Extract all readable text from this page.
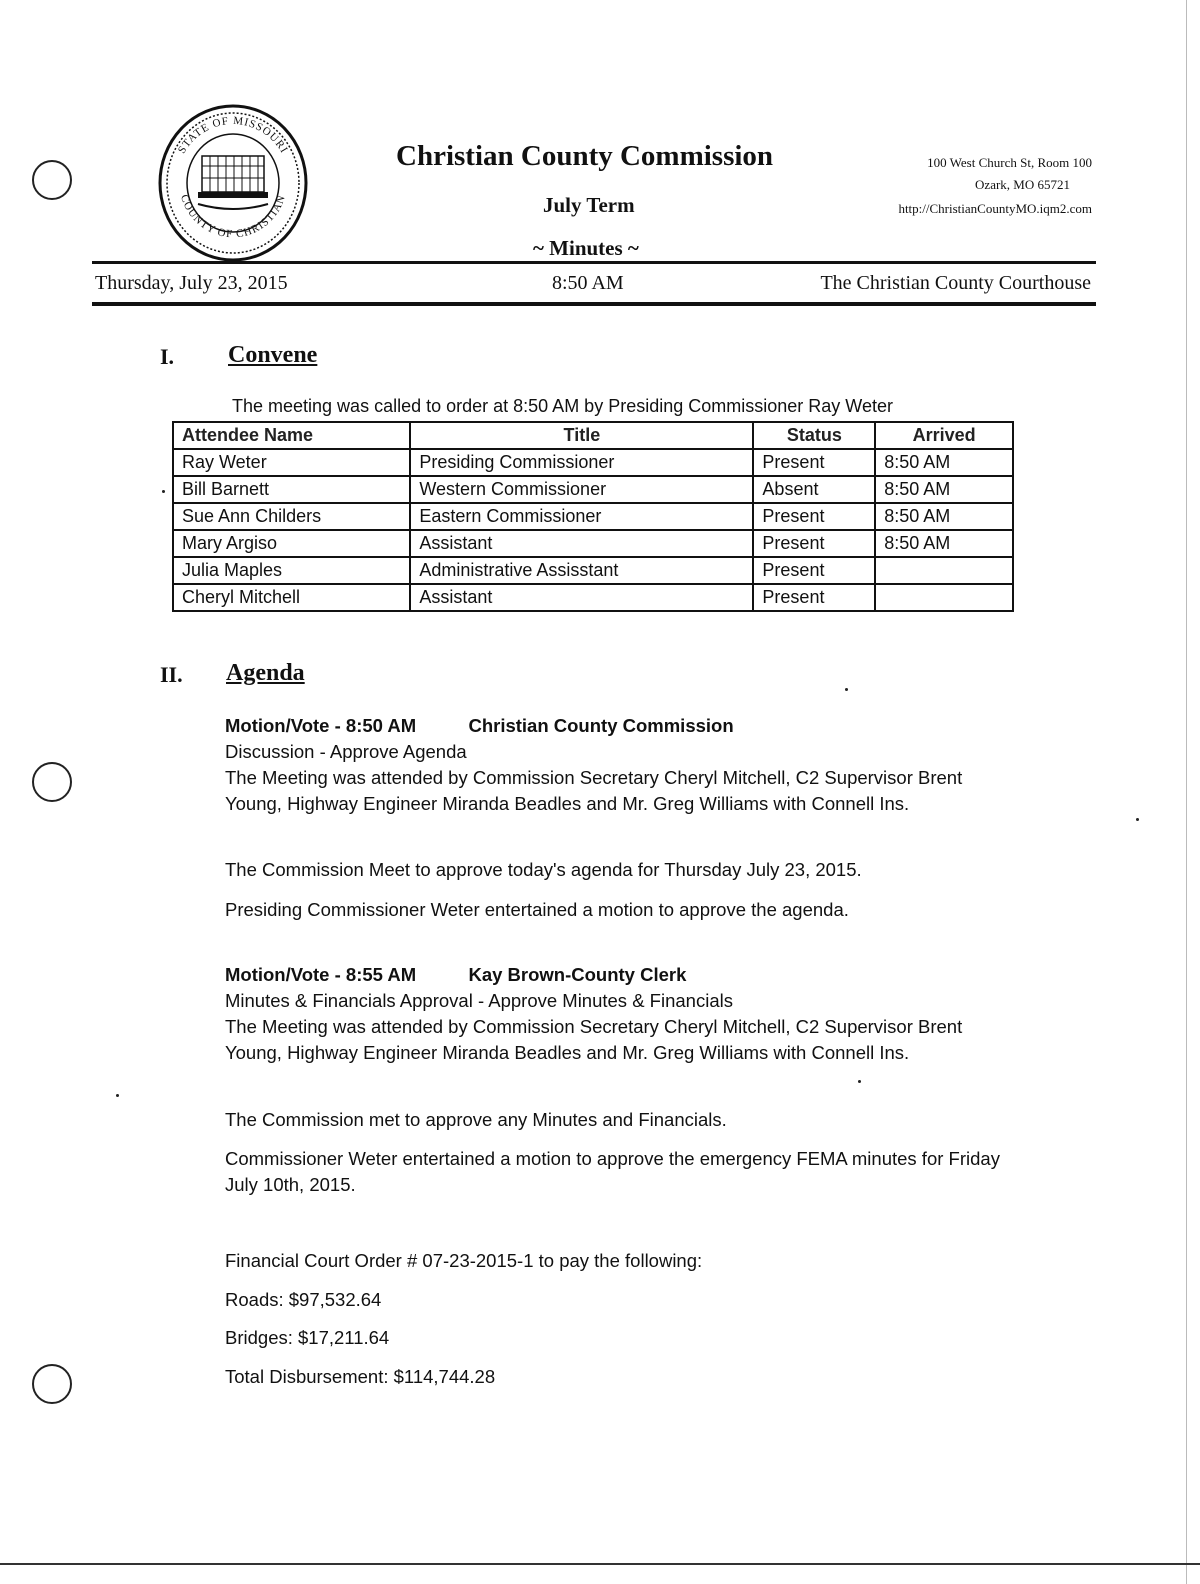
STATE OF MISSOURI
COUNTY OF CHRISTIAN
Christian County Commission
July Term
~ Minutes ~
100 West Church St, Room 100
Ozark, MO 65721
http://ChristianCountyMO.iqm2.com
Thursday, July 23, 2015	8:50 AM	The Christian County Courthouse
I. Convene
The meeting was called to order at 8:50 AM by Presiding Commissioner Ray Weter
Attendee Name	Title	Status	Arrived
Ray Weter	Presiding Commissioner	Present	8:50 AM
Bill Barnett	Western Commissioner	Absent	8:50 AM
Sue Ann Childers	Eastern Commissioner	Present	8:50 AM
Mary Argiso	Assistant	Present	8:50 AM
Julia Maples	Administrative Assisstant	Present	
Cheryl Mitchell	Assistant	Present	
II. Agenda
Motion/Vote - 8:50 AM	Christian County Commission
Discussion - Approve Agenda
The Meeting was attended by Commission Secretary Cheryl Mitchell, C2 Supervisor Brent Young, Highway Engineer Miranda Beadles and Mr. Greg Williams with Connell Ins.
The Commission Meet to approve today's agenda for Thursday July 23, 2015.
Presiding Commissioner Weter entertained a motion to approve the agenda.
Motion/Vote - 8:55 AM	Kay Brown-County Clerk
Minutes & Financials Approval - Approve Minutes & Financials
The Meeting was attended by Commission Secretary Cheryl Mitchell, C2 Supervisor Brent Young, Highway Engineer Miranda Beadles and Mr. Greg Williams with Connell Ins.
The Commission met to approve any Minutes and Financials.
Commissioner Weter entertained a motion to approve the emergency FEMA minutes for Friday July 10th, 2015.
Financial Court Order # 07-23-2015-1 to pay the following:
Roads: $97,532.64
Bridges: $17,211.64
Total Disbursement: $114,744.28
